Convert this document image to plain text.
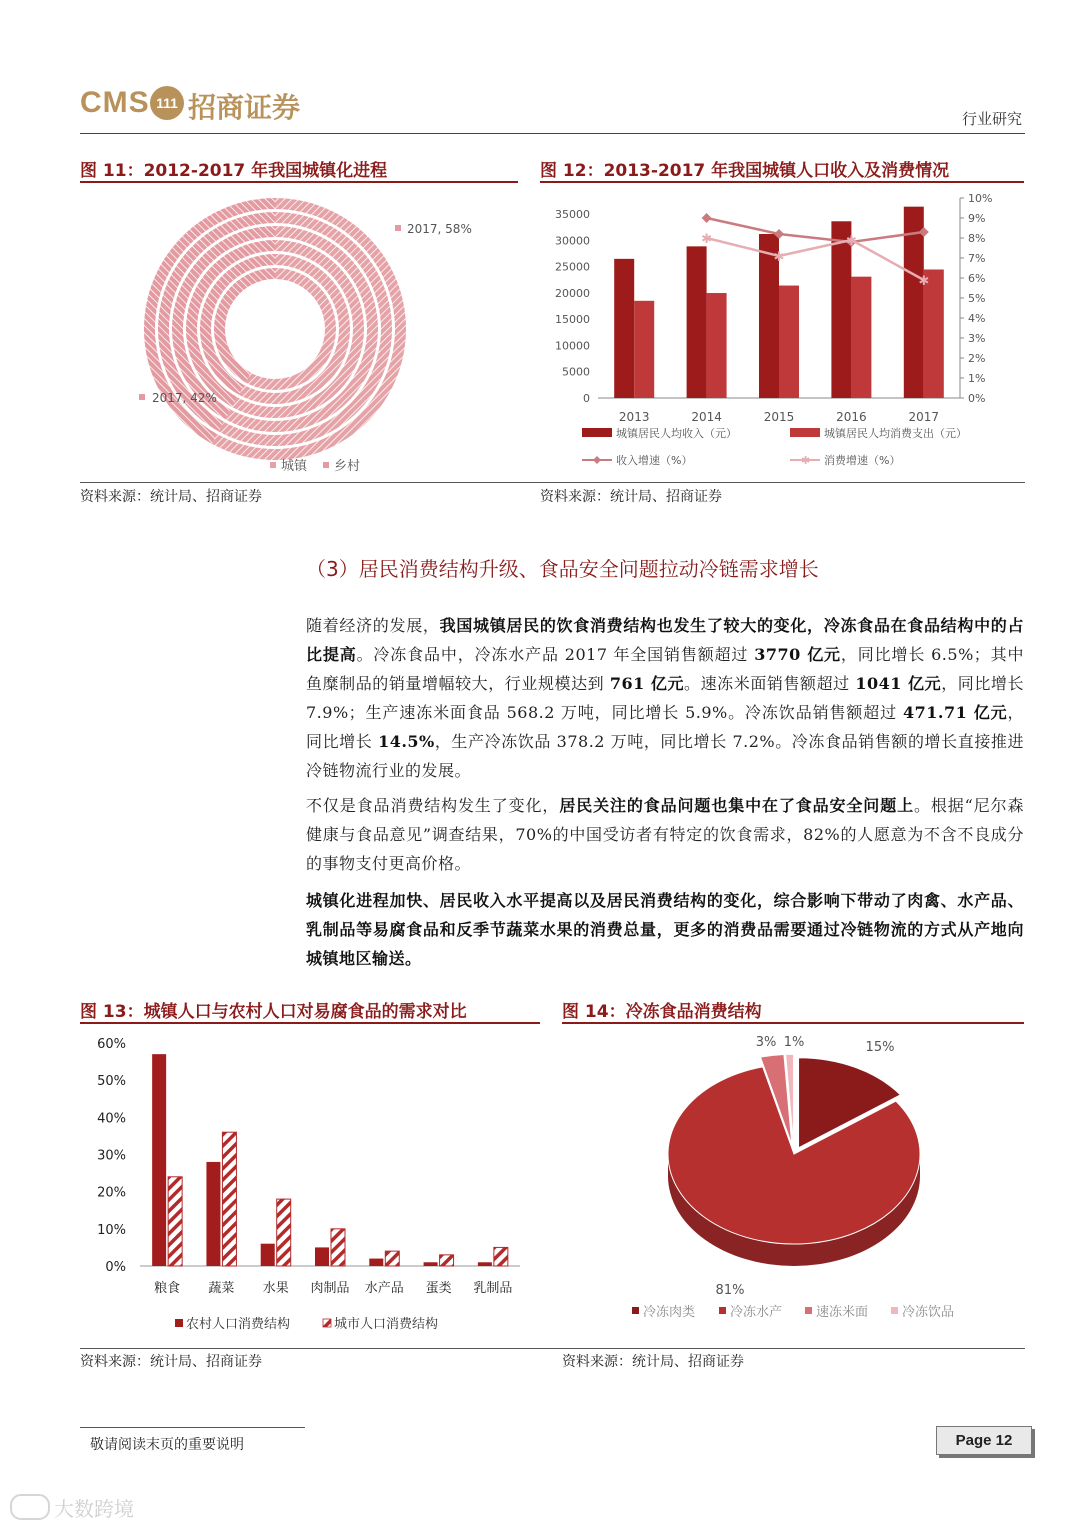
CMS 111 招商证券	行业研究
图 11：2012-2017 年我国城镇化进程
2017, 58%
2017, 42%
城镇 乡村
图 12：2013-2017 年我国城镇人口收入及消费情况
0
5000
10000
15000
20000
25000
30000
35000
0%
1%
2%
3%
4%
5%
6%
7%
8%
9%
10%
2013	2014	2015	2016	2017
✱
✱
✱
✱
城镇居民人均收入（元）	城镇居民人均消费支出（元）
收入增速（%）	✱ 消费增速（%）
资料来源：统计局、招商证券	资料来源：统计局、招商证券
（3）居民消费结构升级、食品安全问题拉动冷链需求增长
随着经济的发展，我国城镇居民的饮食消费结构也发生了较大的变化，冷冻食品在食品结构中的占比提高。冷冻食品中，冷冻水产品 2017 年全国销售额超过 3770 亿元，同比增长 6.5%；其中鱼糜制品的销量增幅较大，行业规模达到 761 亿元。速冻米面销售额超过 1041 亿元，同比增长 7.9%；生产速冻米面食品 568.2 万吨，同比增长 5.9%。冷冻饮品销售额超过 471.71 亿元，同比增长 14.5%，生产冷冻饮品 378.2 万吨，同比增长 7.2%。冷冻食品销售额的增长直接推进冷链物流行业的发展。
不仅是食品消费结构发生了变化，居民关注的食品问题也集中在了食品安全问题上。根据“尼尔森健康与食品意见”调查结果，70%的中国受访者有特定的饮食需求，82%的人愿意为不含不良成分的事物支付更高价格。
城镇化进程加快、居民收入水平提高以及居民消费结构的变化，综合影响下带动了肉禽、水产品、乳制品等易腐食品和反季节蔬菜水果的消费总量，更多的消费品需要通过冷链物流的方式从产地向城镇地区输送。
图 13：城镇人口与农村人口对易腐食品的需求对比
0%
10%
20%
30%
40%
50%
60%
粮食 蔬菜 水果 肉制品 水产品 蛋类 乳制品
农村人口消费结构	城市人口消费结构
图 14：冷冻食品消费结构
15%
81%
3% 1%
冷冻肉类	冷冻水产	速冻米面	冷冻饮品
资料来源：统计局、招商证券	资料来源：统计局、招商证券
敬请阅读末页的重要说明	Page 12
大数跨境
